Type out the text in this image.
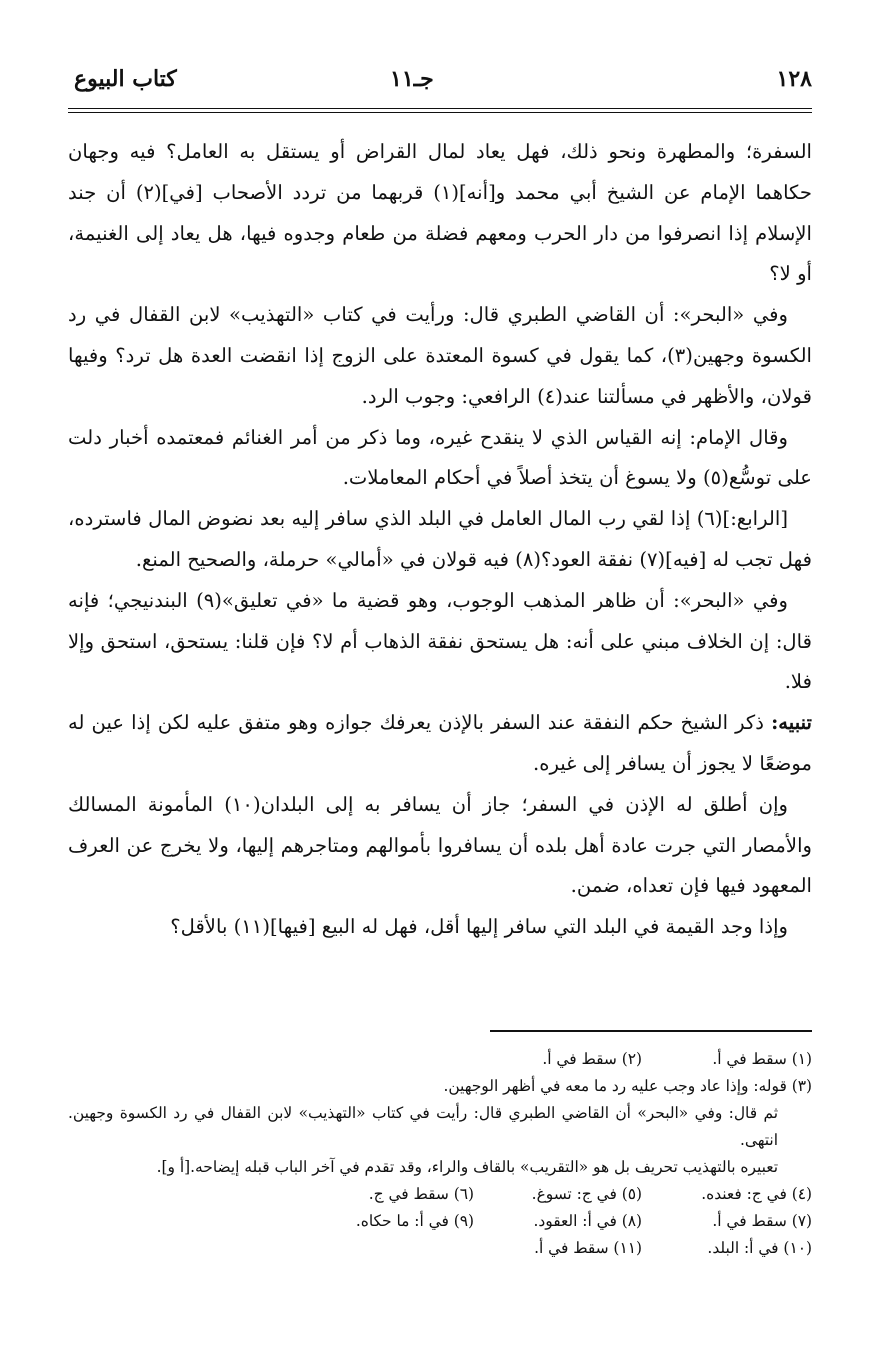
١٢٨
جـ١١
كتاب البيوع

السفرة؛ والمطهرة ونحو ذلك، فهل يعاد لمال القراض أو يستقل به العامل؟ فيه وجهان حكاهما الإمام عن الشيخ أبي محمد و[أنه](١) قربهما من تردد الأصحاب [في](٢) أن جند الإسلام إذا انصرفوا من دار الحرب ومعهم فضلة من طعام وجدوه فيها، هل يعاد إلى الغنيمة، أو لا؟

وفي «البحر»: أن القاضي الطبري قال: ورأيت في كتاب «التهذيب» لابن القفال في رد الكسوة وجهين(٣)، كما يقول في كسوة المعتدة على الزوج إذا انقضت العدة هل ترد؟ وفيها قولان، والأظهر في مسألتنا عند(٤) الرافعي: وجوب الرد.

وقال الإمام: إنه القياس الذي لا ينقدح غيره، وما ذكر من أمر الغنائم فمعتمده أخبار دلت على توسُّع(٥) ولا يسوغ أن يتخذ أصلاً في أحكام المعاملات.

[الرابع:](٦) إذا لقي رب المال العامل في البلد الذي سافر إليه بعد نضوض المال فاسترده، فهل تجب له [فيه](٧) نفقة العود؟(٨) فيه قولان في «أمالي» حرملة، والصحيح المنع.

وفي «البحر»: أن ظاهر المذهب الوجوب، وهو قضية ما «في تعليق»(٩) البندنيجي؛ فإنه قال: إن الخلاف مبني على أنه: هل يستحق نفقة الذهاب أم لا؟ فإن قلنا: يستحق، استحق وإلا فلا.

تنبيه: ذكر الشيخ حكم النفقة عند السفر بالإذن يعرفك جوازه وهو متفق عليه لكن إذا عين له موضعًا لا يجوز أن يسافر إلى غيره.

وإن أطلق له الإذن في السفر؛ جاز أن يسافر به إلى البلدان(١٠) المأمونة المسالك والأمصار التي جرت عادة أهل بلده أن يسافروا بأموالهم ومتاجرهم إليها، ولا يخرج عن العرف المعهود فيها فإن تعداه، ضمن.

وإذا وجد القيمة في البلد التي سافر إليها أقل، فهل له البيع [فيها](١١) بالأقل؟

(١) سقط في أ.
(٢) سقط في أ.
(٣) قوله: وإذا عاد وجب عليه رد ما معه في أظهر الوجهين.
ثم قال: وفي «البحر» أن القاضي الطبري قال: رأيت في كتاب «التهذيب» لابن القفال في رد الكسوة وجهين. انتهى.
تعبيره بالتهذيب تحريف بل هو «التقريب» بالقاف والراء، وقد تقدم في آخر الباب قبله إيضاحه.[أ و].
(٤) في ج: فعنده.
(٥) في ج: تسوغ.
(٦) سقط في ج.
(٧) سقط في أ.
(٨) في أ: العقود.
(٩) في أ: ما حكاه.
(١٠) في أ: البلد.
(١١) سقط في أ.
